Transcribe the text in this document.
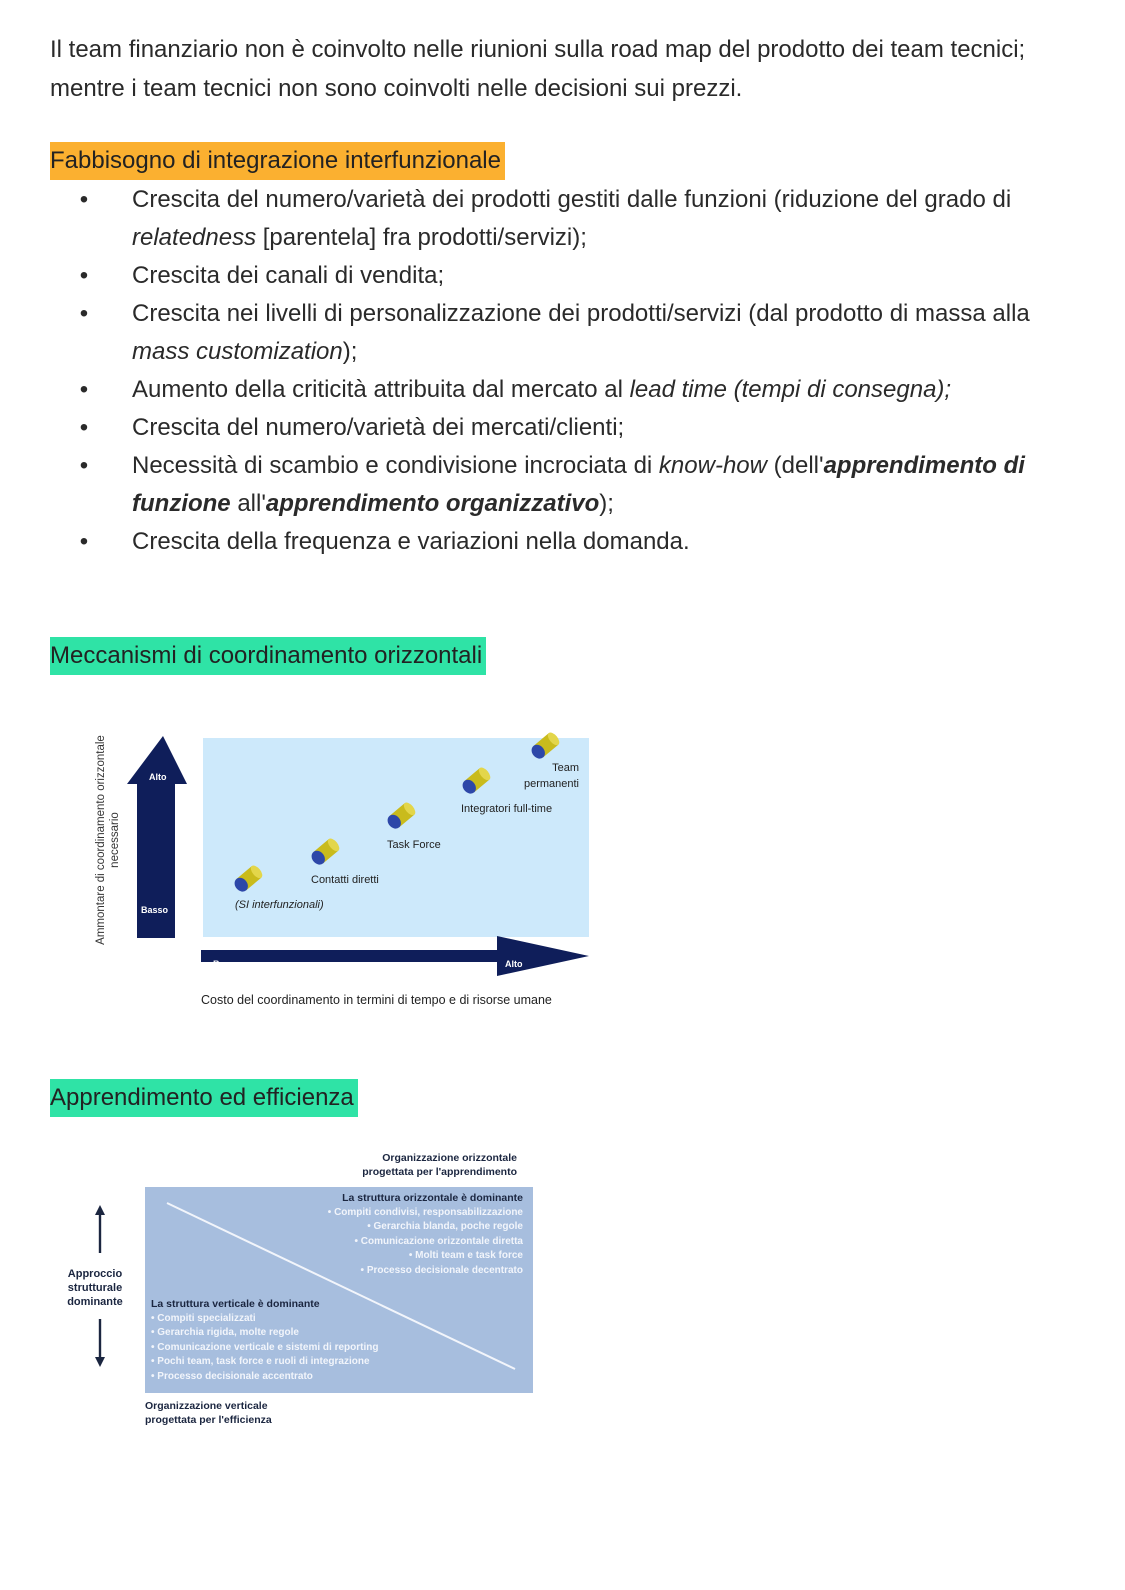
Il team finanziario non è coinvolto nelle riunioni sulla road map del prodotto dei team tecnici; mentre i team tecnici non sono coinvolti nelle decisioni sui prezzi.

Fabbisogno di integrazione interfunzionale
• Crescita del numero/varietà dei prodotti gestiti dalle funzioni (riduzione del grado di relatedness [parentela] fra prodotti/servizi);
• Crescita dei canali di vendita;
• Crescita nei livelli di personalizzazione dei prodotti/servizi (dal prodotto di massa alla mass customization);
• Aumento della criticità attribuita dal mercato al lead time (tempi di consegna);
• Crescita del numero/varietà dei mercati/clienti;
• Necessità di scambio e condivisione incrociata di know-how (dell'apprendimento di funzione all'apprendimento organizzativo);
• Crescita della frequenza e variazioni nella domanda.
Meccanismi di coordinamento orizzontali
Ammontare di coordinamento orizzontale necessario
Alto
Basso
Basso	Alto
(SI interfunzionali)
Contatti diretti
Task Force
Integratori full-time
Team permanenti
Costo del coordinamento in termini di tempo e di risorse umane
Apprendimento ed efficienza
Organizzazione orizzontale
progettata per l'apprendimento
La struttura orizzontale è dominante
• Compiti condivisi, responsabilizzazione
• Gerarchia blanda, poche regole
• Comunicazione orizzontale diretta
• Molti team e task force
• Processo decisionale decentrato
La struttura verticale è dominante
• Compiti specializzati
• Gerarchia rigida, molte regole
• Comunicazione verticale e sistemi di reporting
• Pochi team, task force e ruoli di integrazione
• Processo decisionale accentrato
Approccio
strutturale
dominante
Organizzazione verticale
progettata per l'efficienza
